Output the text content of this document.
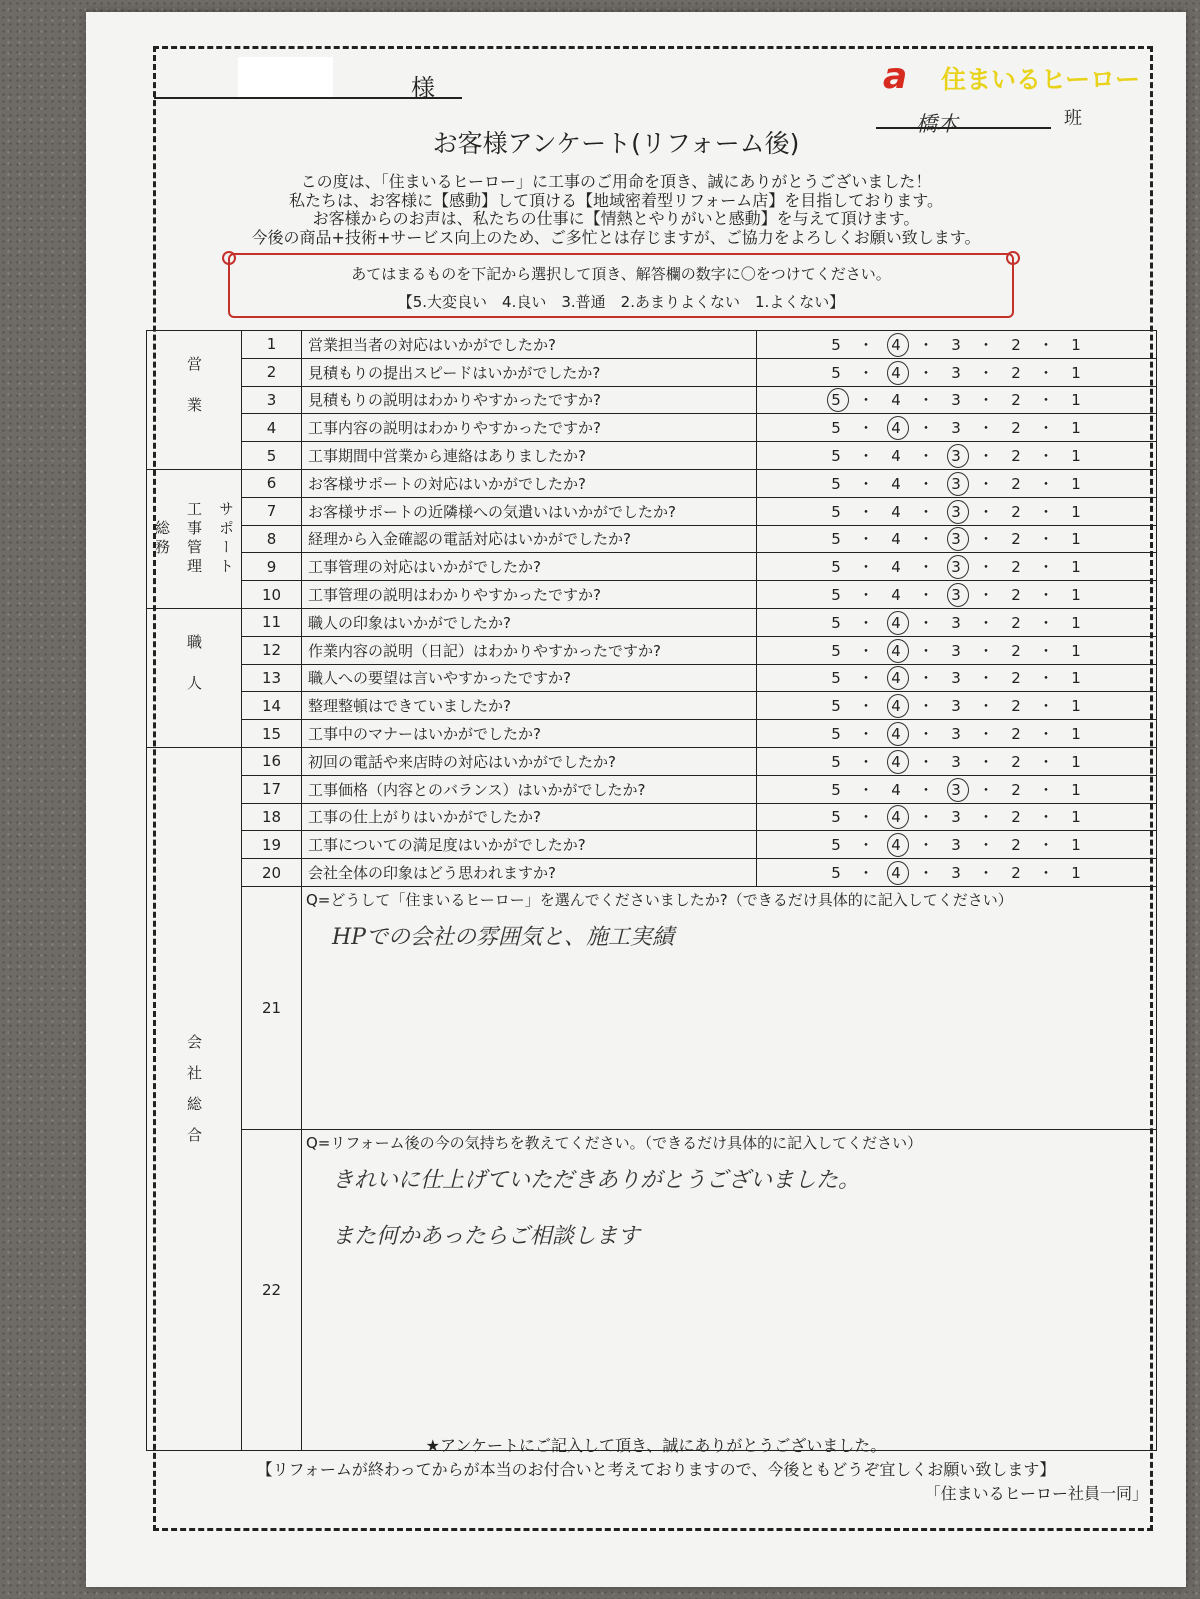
様	a 住まいるヒーロー
橋本	班
お客様アンケート(リフォーム後)
この度は、「住まいるヒーロー」に工事のご用命を頂き、誠にありがとうございました！
私たちは、お客様に【感動】して頂ける【地域密着型リフォーム店】を目指しております。
お客様からのお声は、私たちの仕事に【情熱とやりがいと感動】を与えて頂けます。
今後の商品+技術+サービス向上のため、ご多忙とは存じますが、ご協力をよろしくお願い致します。
あてはまるものを下記から選択して頂き、解答欄の数字に〇をつけてください。
【5.大変良い　4.良い　3.普通　2.あまりよくない　1.よくない】
営業	1	営業担当者の対応はいかがでしたか?	5 ・ 4 ・ 3 ・ 2 ・ 1
	2	見積もりの提出スピードはいかがでしたか?	5 ・ 4 ・ 3 ・ 2 ・ 1
	3	見積もりの説明はわかりやすかったですか?	5 ・ 4 ・ 3 ・ 2 ・ 1
	4	工事内容の説明はわかりやすかったですか?	5 ・ 4 ・ 3 ・ 2 ・ 1
	5	工事期間中営業から連絡はありましたか?	5 ・ 4 ・ 3 ・ 2 ・ 1

サポート
工事管理
総務	6	お客様サポートの対応はいかがでしたか?	5 ・ 4 ・ 3 ・ 2 ・ 1
	7	お客様サポートの近隣様への気遣いはいかがでしたか?	5 ・ 4 ・ 3 ・ 2 ・ 1
	8	経理から入金確認の電話対応はいかがでしたか?	5 ・ 4 ・ 3 ・ 2 ・ 1
	9	工事管理の対応はいかがでしたか?	5 ・ 4 ・ 3 ・ 2 ・ 1
	10	工事管理の説明はわかりやすかったですか?	5 ・ 4 ・ 3 ・ 2 ・ 1
職人	11	職人の印象はいかがでしたか?	5 ・ 4 ・ 3 ・ 2 ・ 1
	12	作業内容の説明（日記）はわかりやすかったですか?	5 ・ 4 ・ 3 ・ 2 ・ 1
	13	職人への要望は言いやすかったですか?	5 ・ 4 ・ 3 ・ 2 ・ 1
	14	整理整頓はできていましたか?	5 ・ 4 ・ 3 ・ 2 ・ 1
	15	工事中のマナーはいかがでしたか?	5 ・ 4 ・ 3 ・ 2 ・ 1
会社総合	16	初回の電話や来店時の対応はいかがでしたか?	5 ・ 4 ・ 3 ・ 2 ・ 1
	17	工事価格（内容とのバランス）はいかがでしたか?	5 ・ 4 ・ 3 ・ 2 ・ 1
	18	工事の仕上がりはいかがでしたか?	5 ・ 4 ・ 3 ・ 2 ・ 1
	19	工事についての満足度はいかがでしたか?	5 ・ 4 ・ 3 ・ 2 ・ 1
	20	会社全体の印象はどう思われますか?	5 ・ 4 ・ 3 ・ 2 ・ 1
	21	Q=どうして「住まいるヒーロー」を選んでくださいましたか?（できるだけ具体的に記入してください）
HPでの会社の雰囲気と、施工実績	

	22	Q=リフォーム後の今の気持ちを教えてください。（できるだけ具体的に記入してください）
きれいに仕上げていただきありがとうございました。
また何かあったらご相談します	
★アンケートにご記入して頂き、誠にありがとうございました。
【リフォームが終わってからが本当のお付合いと考えておりますので、今後ともどうぞ宜しくお願い致します】
「住まいるヒーロー社員一同」
